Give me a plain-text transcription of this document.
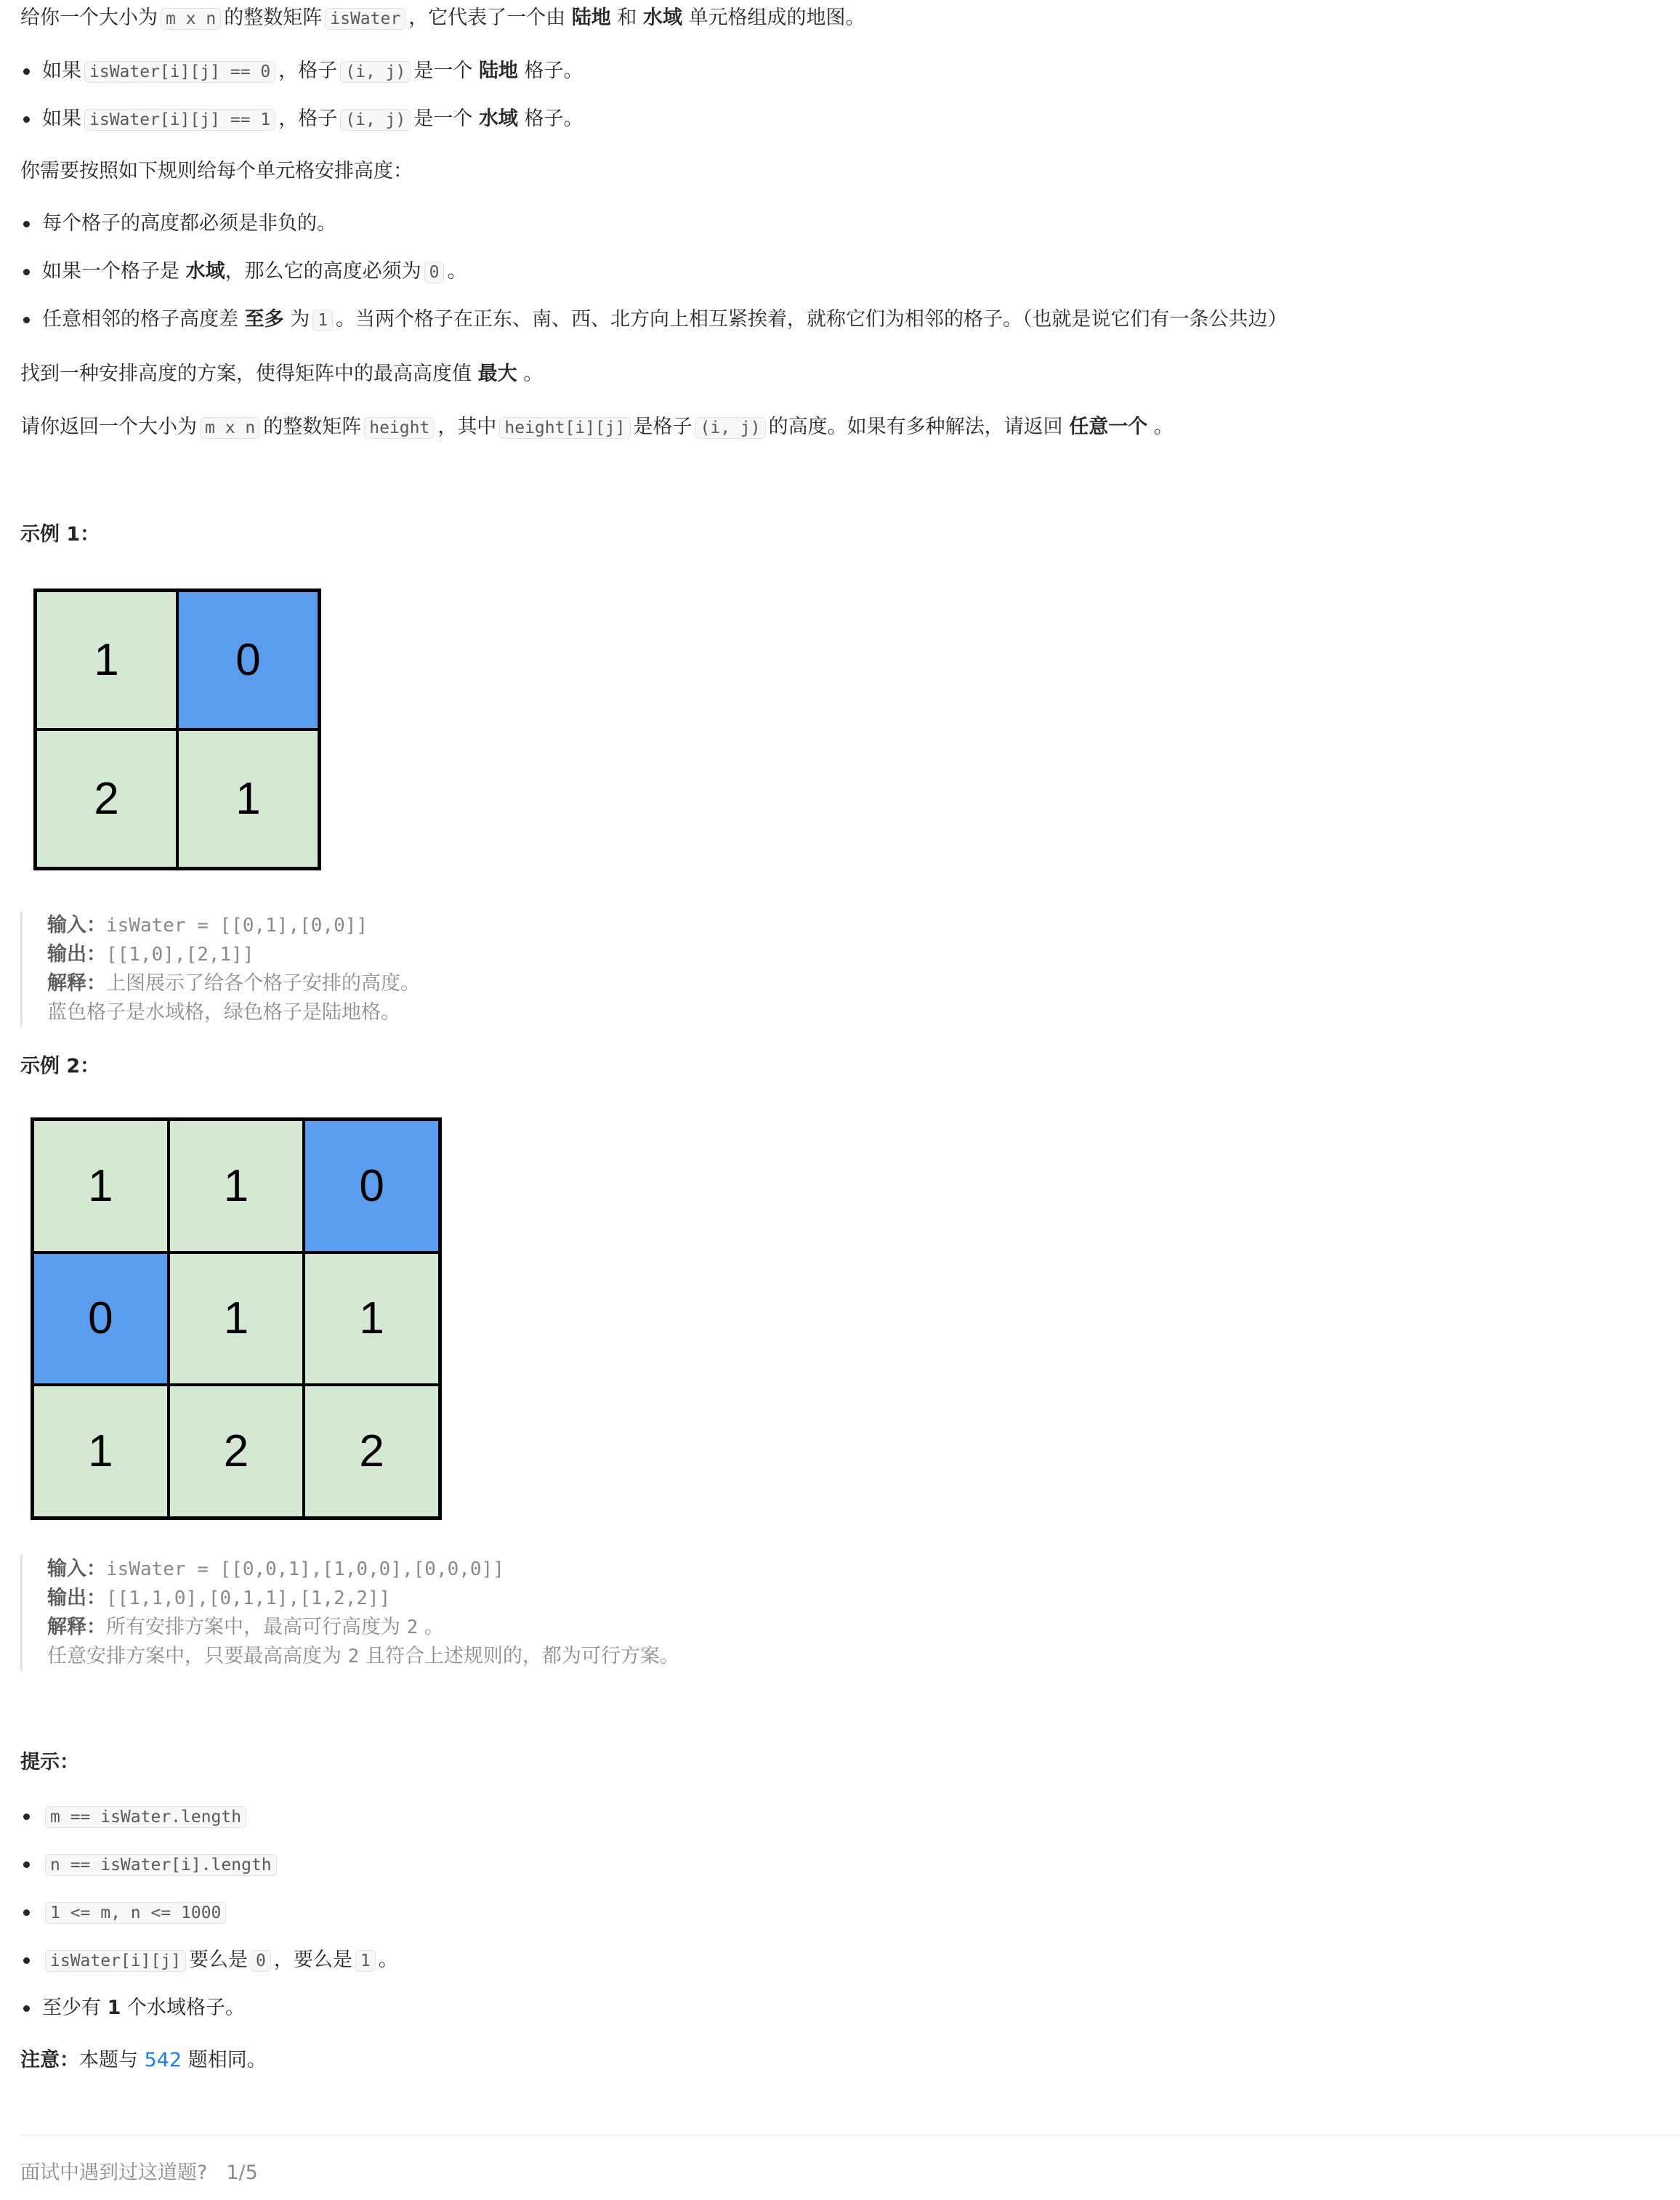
给你一个大小为 m x n 的整数矩阵 isWater ，它代表了一个由 陆地 和 水域 单元格组成的地图。
如果 isWater[i][j] == 0 ，格子 (i, j) 是一个 陆地 格子。
如果 isWater[i][j] == 1 ，格子 (i, j) 是一个 水域 格子。
你需要按照如下规则给每个单元格安排高度：
每个格子的高度都必须是非负的。
如果一个格子是 水域，那么它的高度必须为 0 。
任意相邻的格子高度差 至多 为 1 。当两个格子在正东、南、西、北方向上相互紧挨着，就称它们为相邻的格子。（也就是说它们有一条公共边）
找到一种安排高度的方案，使得矩阵中的最高高度值 最大 。
请你返回一个大小为 m x n 的整数矩阵 height ，其中 height[i][j] 是格子 (i, j) 的高度。如果有多种解法，请返回 任意一个 。
示例 1：
1	0
2	1
输入：isWater = [[0,1],[0,0]]
输出：[[1,0],[2,1]]
解释：上图展示了给各个格子安排的高度。
蓝色格子是水域格，绿色格子是陆地格。
示例 2：
1	1	0
0	1	1
1	2	2
输入：isWater = [[0,0,1],[1,0,0],[0,0,0]]
输出：[[1,1,0],[0,1,1],[1,2,2]]
解释：所有安排方案中，最高可行高度为 2 。
任意安排方案中，只要最高高度为 2 且符合上述规则的，都为可行方案。
提示：
m == isWater.length
n == isWater[i].length
1 <= m, n <= 1000
isWater[i][j] 要么是 0 ，要么是 1 。
至少有 1 个水域格子。
注意：本题与 542 题相同。
面试中遇到过这道题? 1/5
